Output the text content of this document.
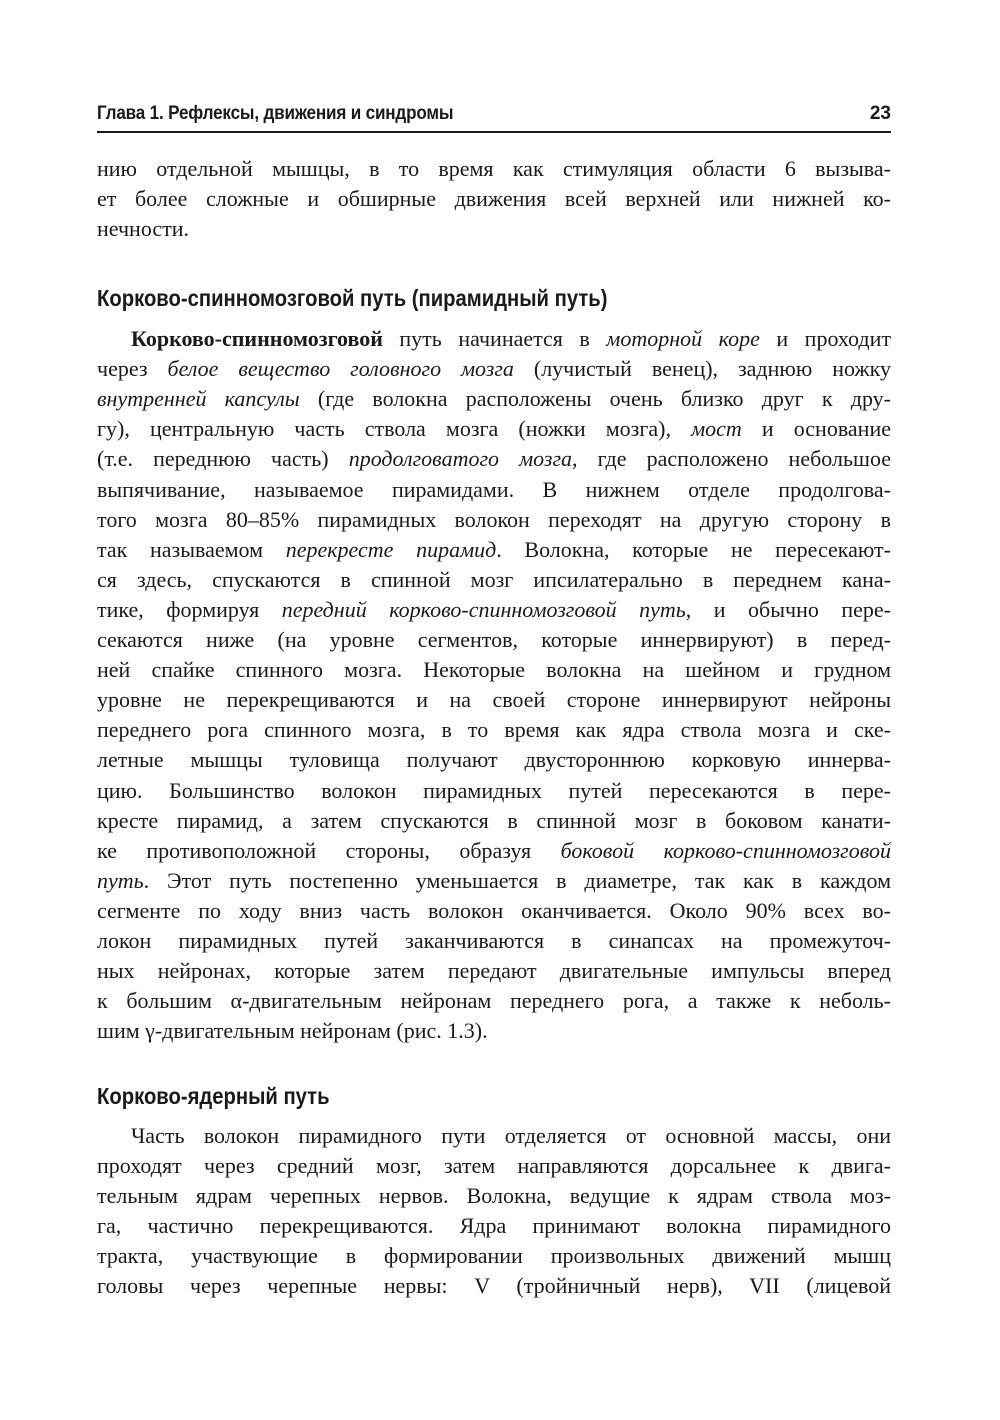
Глава 1. Рефлексы, движения и синдромы	23
нию отдельной мышцы, в то время как стимуляция области 6 вызыва-
ет более сложные и обширные движения всей верхней или нижней ко-
нечности.
Корково-спинномозговой путь (пирамидный путь)
Корково-спинномозговой путь начинается в моторной коре и проходит
через белое вещество головного мозга (лучистый венец), заднюю ножку
внутренней капсулы (где волокна расположены очень близко друг к дру-
гу), центральную часть ствола мозга (ножки мозга), мост и основание
(т.е. переднюю часть) продолговатого мозга, где расположено небольшое
выпячивание, называемое пирамидами. В нижнем отделе продолгова-
того мозга 80–85% пирамидных волокон переходят на другую сторону в
так называемом перекресте пирамид. Волокна, которые не пересекают-
ся здесь, спускаются в спинной мозг ипсилатерально в переднем кана-
тике, формируя передний корково-спинномозговой путь, и обычно пере-
секаются ниже (на уровне сегментов, которые иннервируют) в перед-
ней спайке спинного мозга. Некоторые волокна на шейном и грудном
уровне не перекрещиваются и на своей стороне иннервируют нейроны
переднего рога спинного мозга, в то время как ядра ствола мозга и ске-
летные мышцы туловища получают двустороннюю корковую иннерва-
цию. Большинство волокон пирамидных путей пересекаются в пере-
кресте пирамид, а затем спускаются в спинной мозг в боковом канати-
ке противоположной стороны, образуя боковой корково-спинномозговой
путь. Этот путь постепенно уменьшается в диаметре, так как в каждом
сегменте по ходу вниз часть волокон оканчивается. Около 90% всех во-
локон пирамидных путей заканчиваются в синапсах на промежуточ-
ных нейронах, которые затем передают двигательные импульсы вперед
к большим α-двигательным нейронам переднего рога, а также к неболь-
шим γ-двигательным нейронам (рис. 1.3).
Корково-ядерный путь
Часть волокон пирамидного пути отделяется от основной массы, они
проходят через средний мозг, затем направляются дорсальнее к двига-
тельным ядрам черепных нервов. Волокна, ведущие к ядрам ствола моз-
га, частично перекрещиваются. Ядра принимают волокна пирамидного
тракта, участвующие в формировании произвольных движений мышц
головы через черепные нервы: V (тройничный нерв), VII (лицевой
